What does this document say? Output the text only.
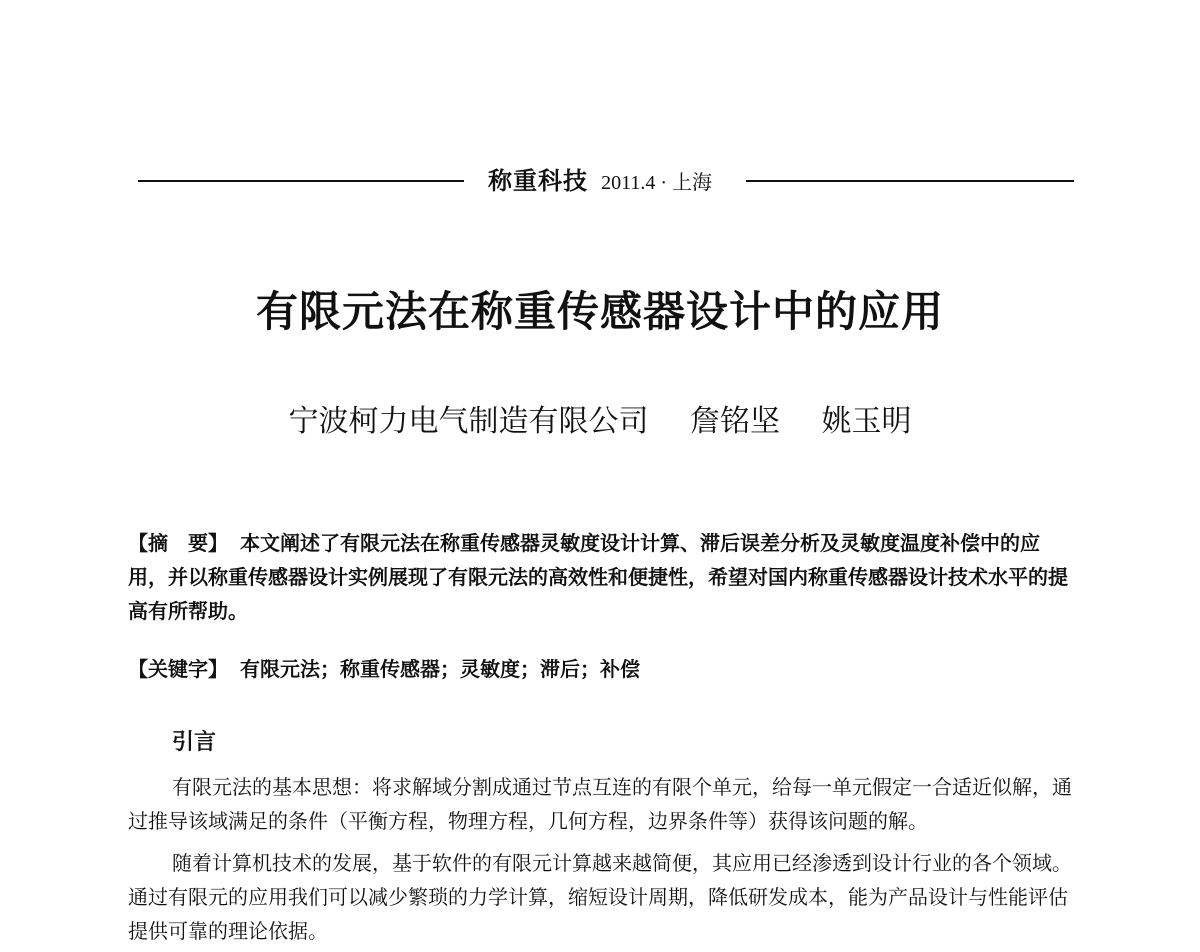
称重科技 2011.4 · 上海
有限元法在称重传感器设计中的应用
宁波柯力电气制造有限公司 詹铭坚 姚玉明
【摘　要】 本文阐述了有限元法在称重传感器灵敏度设计计算、滞后误差分析及灵敏度温度补偿中的应用，并以称重传感器设计实例展现了有限元法的高效性和便捷性，希望对国内称重传感器设计技术水平的提高有所帮助。
【关键字】 有限元法；称重传感器；灵敏度；滞后；补偿
引言
有限元法的基本思想：将求解域分割成通过节点互连的有限个单元，给每一单元假定一合适近似解，通过推导该域满足的条件（平衡方程，物理方程，几何方程，边界条件等）获得该问题的解。
随着计算机技术的发展，基于软件的有限元计算越来越简便，其应用已经渗透到设计行业的各个领域。通过有限元的应用我们可以减少繁琐的力学计算，缩短设计周期，降低研发成本，能为产品设计与性能评估提供可靠的理论依据。
